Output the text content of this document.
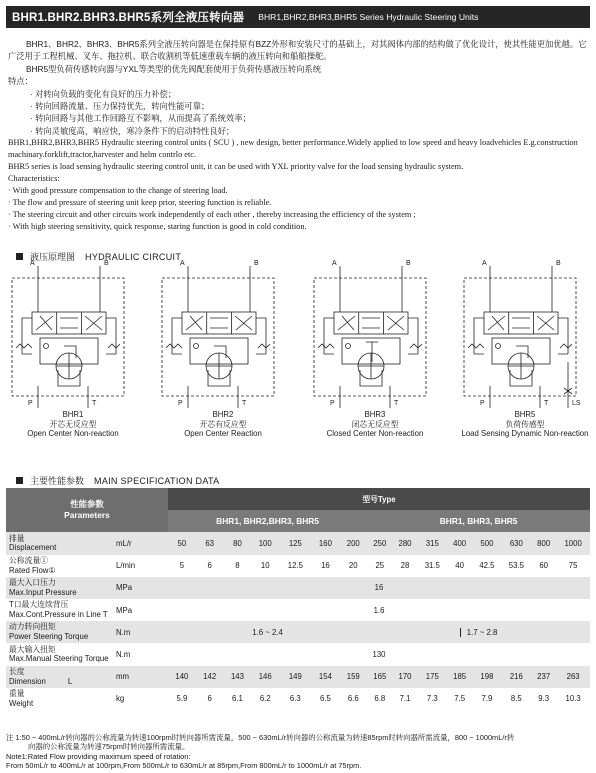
BHR1.BHR2.BHR3.BHR5系列全液压转向器 BHR1,BHR2,BHR3,BHR5 Series Hydraulic Steering Units

BHR1、BHR2、BHR3、BHR5系列全液压转向器是在保持原有BZZ外形和安装尺寸的基础上，对其阀体内部的结构做了优化设计，使其性能更加优越。它广泛用于工程机械、叉车、拖拉机、联合收割机等低速重载车辆的液压转向和船舶操舵。

BHR5型负荷传感转向器与YXL等类型的优先阀配套使用于负荷传感液压转向系统

特点：

· 对转向负载的变化有良好的压力补偿；

· 转向回路流量、压力保持优先，转向性能可靠；

· 转向回路与其他工作回路互不影响，从而提高了系统效率；

· 转向灵敏度高，响应快，寒冷条件下的启动特性良好；

BHR1,BHR2,BHR3,BHR5 Hydraulic steering control units ( SCU ) , new design, better performance.Widely applied to low speed and heavy loadvehicles E.g.construction machinary.forklift,tractor,harvester and helm contrlo etc.

BHR5 series is load sensing hydraulic steering control unit, it can be used with YXL priority valve for the load sensing hydraulic system.

Characteristics:

· With good pressure compensation to the change of steering load.

· The flow and pressure of steering unit keep prior, steering function is reliable.

· The steering circuit and other circuits work independently of each other , thereby increasing the efficiency of the system ;

· With high steering sensitivity, quick response, staring function is good in cold condition.

液压原理图 HYDRAULIC CIRCUIT
A	B
P	T
BHR1
开芯无反应型
Open Center Non-reaction
A	B
P	T
BHR2
开芯有反应型
Open Center Reaction
A	B
P	T
BHR3
闭芯无反应型
Closed Center Non-reaction
A	B
P	T	LS
BHR5
负荷传感型
Load Sensing Dynamic Non-reaction
主要性能参数 MAIN SPECIFICATION DATA
性能参数
Parameters		型号Type														
		BHR1, BHR2,BHR3, BHR5							BHR1, BHR3, BHR5							

排量
Displacement	mL/r	50	63	80	100	125	160	200	250	280	315	400	500	630	800	1000

公称流量①
Rated Flow①	L/min	5	6	8	10	12.5	16	20	25	28	31.5	40	42.5	53.5	60	75

最大入口压力
Max.Input Pressure	MPa	16														

T口最大连续背压
Max.Cont.Pressure in Line T	MPa	1.6														

动力转向扭矩
Power Steering Torque	N.m	1.6 ~ 2.4							1.7 ~ 2.8							

最大输入扭矩
Max.Manual Steering Torque	N.m	130														

长度
Dimension L	mm	140	142	143	146	149	154	159	165	170	175	185	198	216	237	263

重量
Weight	kg	5.9	6	6.1	6.2	6.3	6.5	6.6	6.8	7.1	7.3	7.5	7.9	8.5	9.3	10.3
注 1:50 ~ 400mL/r转向器的公称流量为转速100rpm时转向器所需流量，500 ~ 630mL/r转向器的公称流量为转速85rpm时转向器所需流量，800 ~ 1000mL/r转
向器的公称流量为转速75rpm时转向器所需流量。
Note1:Rated Flow providing maximum speed of rotation:
From 50mL/r to 400mL/r at 100rpm,From 500mL/r to 630mL/r at 85rpm,From 800mL/r to 1000mL/r at 75rpm.
